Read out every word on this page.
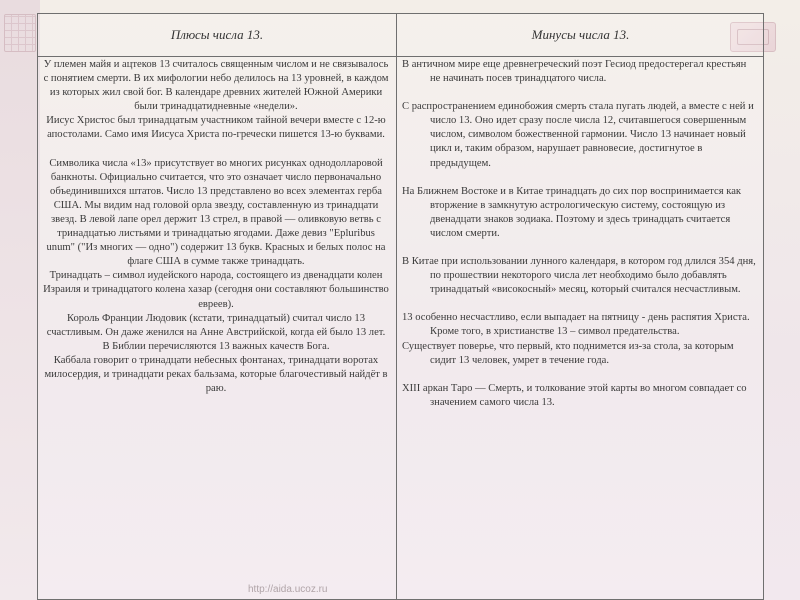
Плюсы числа 13.	Минусы числа 13.

У племен майя и ацтеков 13 считалось священным числом и не связывалось с понятием смерти. В их мифологии небо делилось на 13 уровней, в каждом из которых жил свой бог. В календаре древних жителей Южной Америки были тринадцатидневные «недели».

Иисус Христос был тринадцатым участником тайной вечери вместе с 12-ю апостолами. Само имя Иисуса Христа по-гречески пишется 13-ю буквами.

Символика числа «13» присутствует во многих рисунках однодолларовой банкноты. Официально считается, что это означает число первоначально объединившихся штатов. Число 13 представлено во всех элементах герба США. Мы видим над головой орла звезду, составленную из тринадцати звезд. В левой лапе орел держит 13 стрел, в правой — оливковую ветвь с тринадцатью листьями и тринадцатью ягодами. Даже девиз "Epluribus unum" ("Из многих — одно") содержит 13 букв. Красных и белых полос на флаге США в сумме также тринадцать.

Тринадцать – символ иудейского народа, состоящего из двенадцати колен Израиля и тринадцатого колена хазар (сегодня они составляют большинство евреев).

Король Франции Людовик (кстати, тринадцатый) считал число 13 счастливым. Он даже женился на Анне Австрийской, когда ей было 13 лет.

В Библии перечисляются 13 важных качеств Бога.

Каббала говорит о тринадцати небесных фонтанах, тринадцати воротах милосердия, и тринадцати реках бальзама, которые благочестивый найдёт в раю.

В античном мире еще древнегреческий поэт Гесиод предостерегал крестьян не начинать посев тринадцатого числа.

С распространением единобожия смерть стала пугать людей, а вместе с ней и число 13. Оно идет сразу после числа 12, считавшегося совершенным числом, символом божественной гармонии. Число 13 начинает новый цикл и, таким образом, нарушает равновесие, достигнутое в предыдущем.

На Ближнем Востоке и в Китае тринадцать до сих пор воспринимается как вторжение в замкнутую астрологическую систему, состоящую из двенадцати знаков зодиака. Поэтому и здесь тринадцать считается числом смерти.

В Китае при использовании лунного календаря, в котором год длился 354 дня, по прошествии некоторого числа лет необходимо было добавлять тринадцатый «високосный» месяц, который считался несчастливым.

13 особенно несчастливо, если выпадает на пятницу - день распятия Христа. Кроме того, в христианстве 13 – символ предательства.

Существует поверье, что первый, кто поднимется из-за стола, за которым сидит 13 человек, умрет в течение года.

XIII аркан Таро — Смерть, и толкование этой карты во многом совпадает со значением самого числа 13.

http://aida.ucoz.ru
